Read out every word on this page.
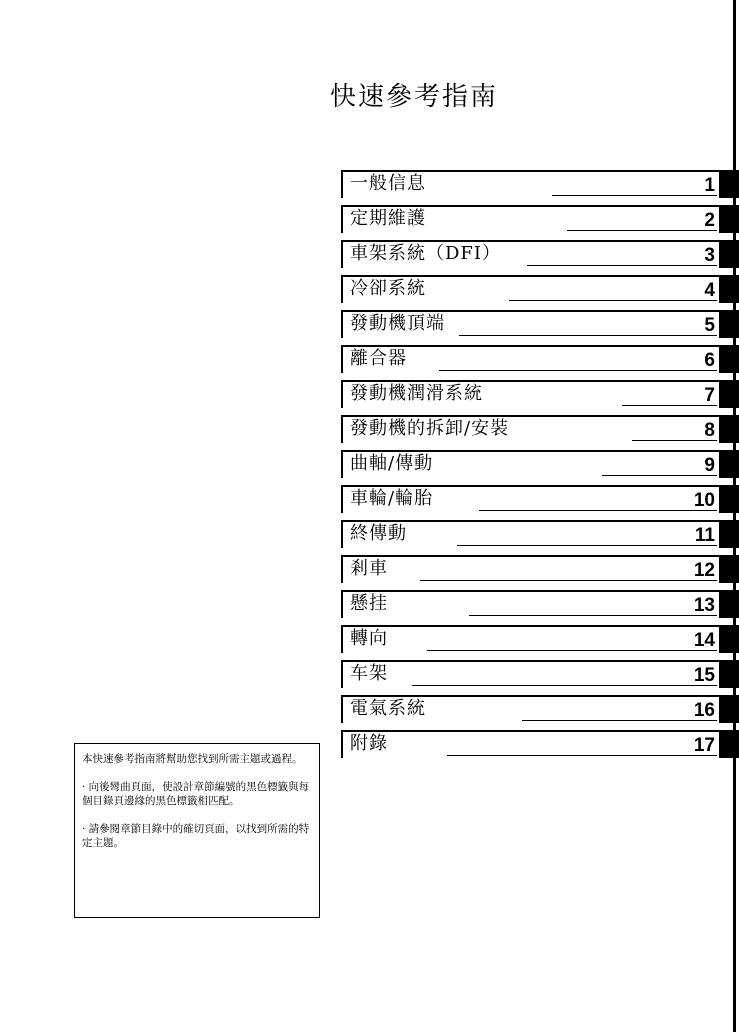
快速參考指南
一般信息	1
定期維護	2
車架系統（DFI）	3
冷卻系統	4
發動機頂端	5
離合器	6
發動機潤滑系統	7
發動機的拆卸/安裝	8
曲軸/傳動	9
車輪/輪胎	10
終傳動	11
剎車	12
懸挂	13
轉向	14
车架	15
電氣系統	16
附錄	17

本快速參考指南將幫助您找到所需主題或過程。

· 向後彎曲頁面，使設計章節編號的黑色標籤與每個目錄頁邊緣的黑色標籤相匹配。

· 請參閱章節目錄中的確切頁面，以找到所需的特定主題。
